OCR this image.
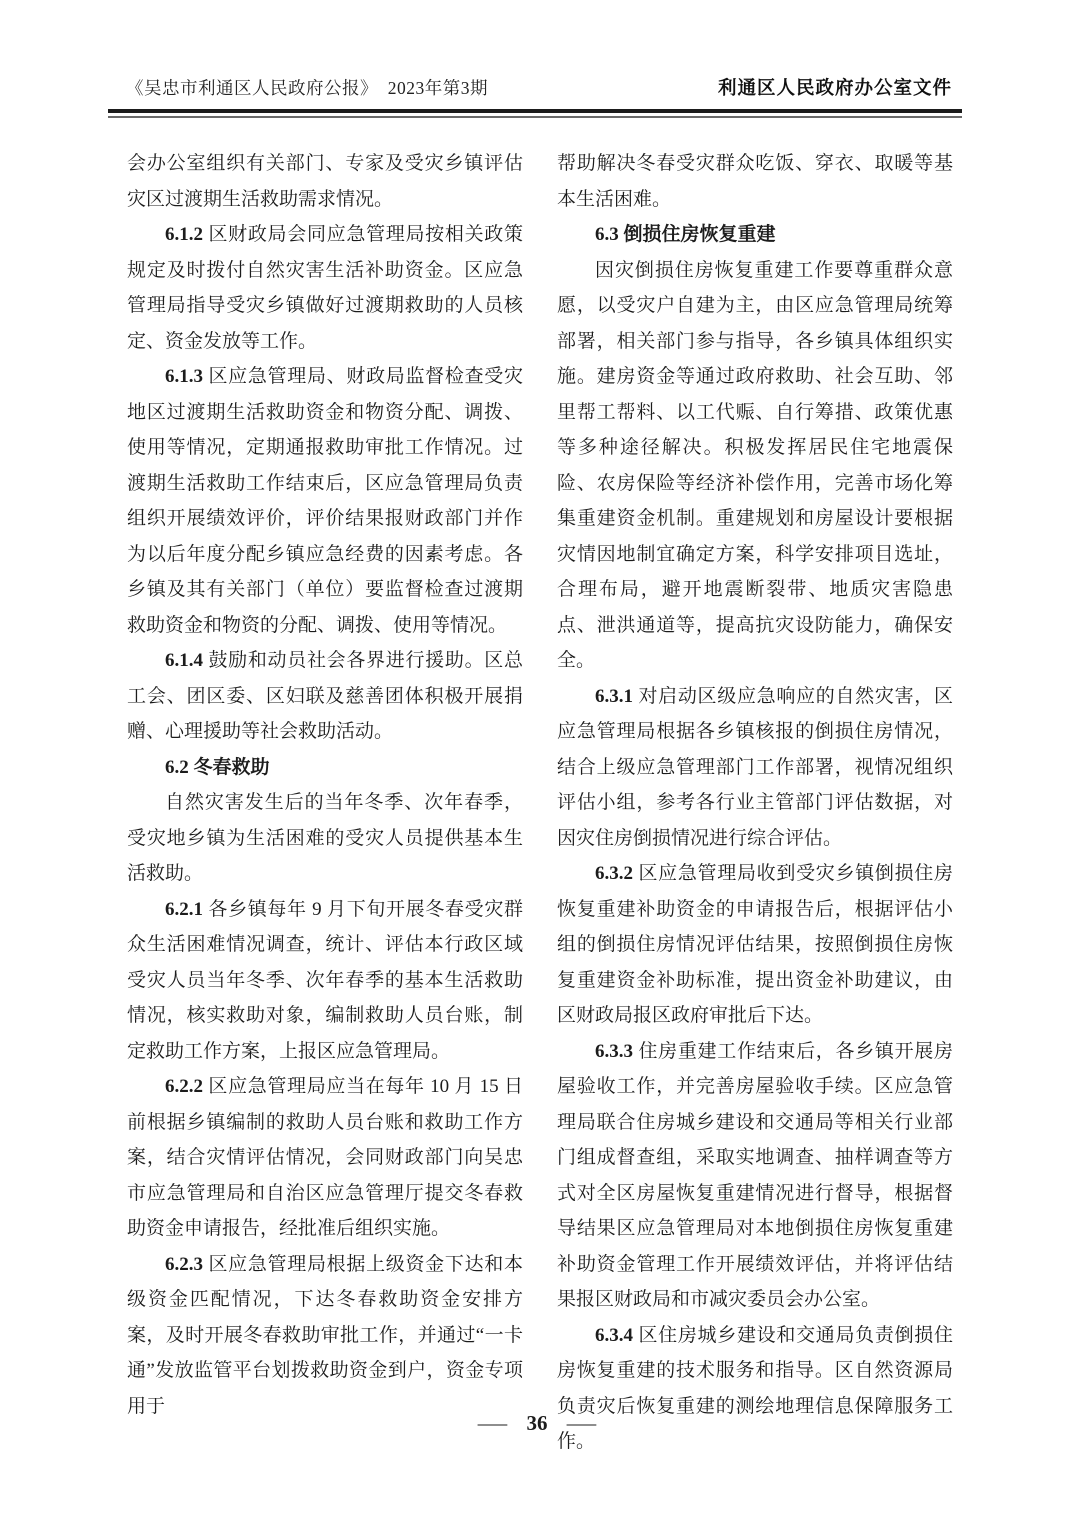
《吴忠市利通区人民政府公报》  2023年第3期	利通区人民政府办公室文件

会办公室组织有关部门、专家及受灾乡镇评估灾区过渡期生活救助需求情况。

6.1.2 区财政局会同应急管理局按相关政策规定及时拨付自然灾害生活补助资金。区应急管理局指导受灾乡镇做好过渡期救助的人员核定、资金发放等工作。

6.1.3 区应急管理局、财政局监督检查受灾地区过渡期生活救助资金和物资分配、调拨、使用等情况，定期通报救助审批工作情况。过渡期生活救助工作结束后，区应急管理局负责组织开展绩效评价，评价结果报财政部门并作为以后年度分配乡镇应急经费的因素考虑。各乡镇及其有关部门（单位）要监督检查过渡期救助资金和物资的分配、调拨、使用等情况。

6.1.4 鼓励和动员社会各界进行援助。区总工会、团区委、区妇联及慈善团体积极开展捐赠、心理援助等社会救助活动。

6.2 冬春救助

自然灾害发生后的当年冬季、次年春季，受灾地乡镇为生活困难的受灾人员提供基本生活救助。

6.2.1 各乡镇每年 9 月下旬开展冬春受灾群众生活困难情况调查，统计、评估本行政区域受灾人员当年冬季、次年春季的基本生活救助情况，核实救助对象，编制救助人员台账，制定救助工作方案，上报区应急管理局。

6.2.2 区应急管理局应当在每年 10 月 15 日前根据乡镇编制的救助人员台账和救助工作方案，结合灾情评估情况，会同财政部门向吴忠市应急管理局和自治区应急管理厅提交冬春救助资金申请报告，经批准后组织实施。

6.2.3 区应急管理局根据上级资金下达和本级资金匹配情况，下达冬春救助资金安排方案，及时开展冬春救助审批工作，并通过“一卡通”发放监管平台划拨救助资金到户，资金专项用于

帮助解决冬春受灾群众吃饭、穿衣、取暖等基本生活困难。

6.3 倒损住房恢复重建

因灾倒损住房恢复重建工作要尊重群众意愿，以受灾户自建为主，由区应急管理局统筹部署，相关部门参与指导，各乡镇具体组织实施。建房资金等通过政府救助、社会互助、邻里帮工帮料、以工代赈、自行筹措、政策优惠等多种途径解决。积极发挥居民住宅地震保险、农房保险等经济补偿作用，完善市场化筹集重建资金机制。重建规划和房屋设计要根据灾情因地制宜确定方案，科学安排项目选址，合理布局，避开地震断裂带、地质灾害隐患点、泄洪通道等，提高抗灾设防能力，确保安全。

6.3.1 对启动区级应急响应的自然灾害，区应急管理局根据各乡镇核报的倒损住房情况，结合上级应急管理部门工作部署，视情况组织评估小组，参考各行业主管部门评估数据，对因灾住房倒损情况进行综合评估。

6.3.2 区应急管理局收到受灾乡镇倒损住房恢复重建补助资金的申请报告后，根据评估小组的倒损住房情况评估结果，按照倒损住房恢复重建资金补助标准，提出资金补助建议，由区财政局报区政府审批后下达。

6.3.3 住房重建工作结束后，各乡镇开展房屋验收工作，并完善房屋验收手续。区应急管理局联合住房城乡建设和交通局等相关行业部门组成督查组，采取实地调查、抽样调查等方式对全区房屋恢复重建情况进行督导，根据督导结果区应急管理局对本地倒损住房恢复重建补助资金管理工作开展绩效评估，并将评估结果报区财政局和市减灾委员会办公室。

6.3.4 区住房城乡建设和交通局负责倒损住房恢复重建的技术服务和指导。区自然资源局负责灾后恢复重建的测绘地理信息保障服务工作。

— 36 —
